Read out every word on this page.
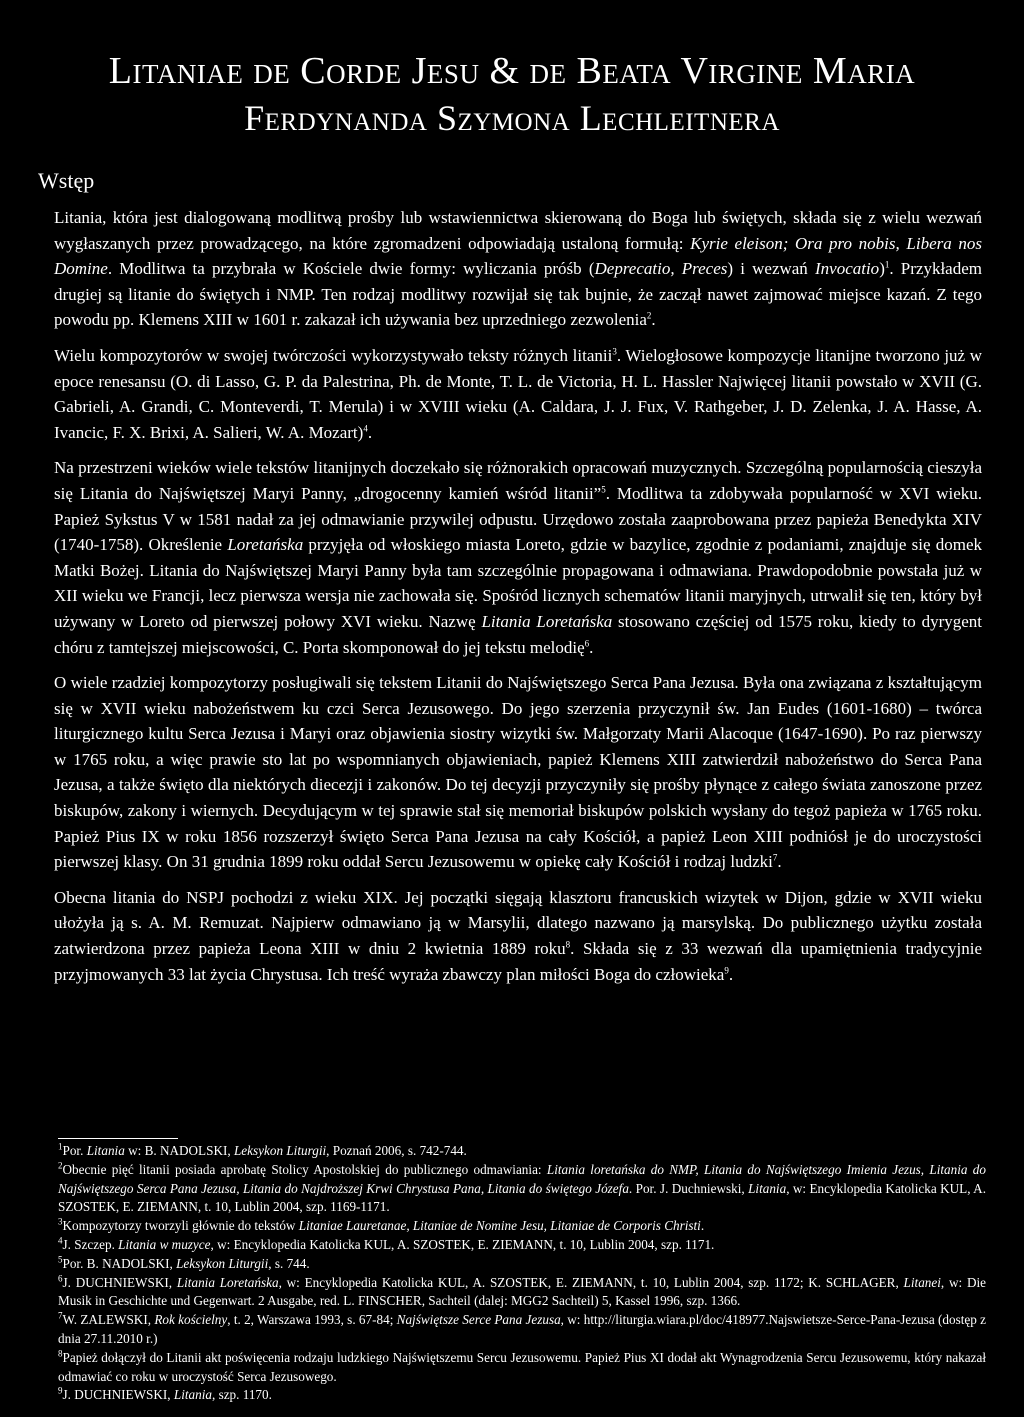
Litaniae de Corde Jesu & de Beata Virgine Maria
Ferdynanda Szymona Lechleitnera
Wstęp

Litania, która jest dialogowaną modlitwą prośby lub wstawiennictwa skierowaną do Boga lub świętych, składa się z wielu wezwań wygłaszanych przez prowadzącego, na które zgromadzeni odpowiadają ustaloną formułą: Kyrie eleison; Ora pro nobis, Libera nos Domine. Modlitwa ta przybrała w Kościele dwie formy: wyliczania próśb (Deprecatio, Preces) i wezwań Invocatio)$^1$. Przykładem drugiej są litanie do świętych i NMP. Ten rodzaj modlitwy rozwijał się tak bujnie, że zaczął nawet zajmować miejsce kazań. Z tego powodu pp. Klemens XIII w 1601 r. zakazał ich używania bez uprzedniego zezwolenia$^2$.

Wielu kompozytorów w swojej twórczości wykorzystywało teksty różnych litanii$^3$. Wielogłosowe kompozycje litanijne tworzono już w epoce renesansu (O. di Lasso, G. P. da Palestrina, Ph. de Monte, T. L. de Victoria, H. L. Hassler Najwięcej litanii powstało w XVII (G. Gabrieli, A. Grandi, C. Monteverdi, T. Merula) i w XVIII wieku (A. Caldara, J. J. Fux, V. Rathgeber, J. D. Zelenka, J. A. Hasse, A. Ivancic, F. X. Brixi, A. Salieri, W. A. Mozart)$^4$.

Na przestrzeni wieków wiele tekstów litanijnych doczekało się różnorakich opracowań muzycznych. Szczególną popularnością cieszyła się Litania do Najświętszej Maryi Panny, „drogocenny kamień wśród litanii”$^5$. Modlitwa ta zdobywała popularność w XVI wieku. Papież Sykstus V w 1581 nadał za jej odmawianie przywilej odpustu. Urzędowo została zaaprobowana przez papieża Benedykta XIV (1740-1758). Określenie Loretańska przyjęła od włoskiego miasta Loreto, gdzie w bazylice, zgodnie z podaniami, znajduje się domek Matki Bożej. Litania do Najświętszej Maryi Panny była tam szczególnie propagowana i odmawiana. Prawdopodobnie powstała już w XII wieku we Francji, lecz pierwsza wersja nie zachowała się. Spośród licznych schematów litanii maryjnych, utrwalił się ten, który był używany w Loreto od pierwszej połowy XVI wieku. Nazwę Litania Loretańska stosowano częściej od 1575 roku, kiedy to dyrygent chóru z tamtejszej miejscowości, C. Porta skomponował do jej tekstu melodię$^6$.

O wiele rzadziej kompozytorzy posługiwali się tekstem Litanii do Najświętszego Serca Pana Jezusa. Była ona związana z kształtującym się w XVII wieku nabożeństwem ku czci Serca Jezusowego. Do jego szerzenia przyczynił św. Jan Eudes (1601-1680) – twórca liturgicznego kultu Serca Jezusa i Maryi oraz objawienia siostry wizytki św. Małgorzaty Marii Alacoque (1647-1690). Po raz pierwszy w 1765 roku, a więc prawie sto lat po wspomnianych objawieniach, papież Klemens XIII zatwierdził nabożeństwo do Serca Pana Jezusa, a także święto dla niektórych diecezji i zakonów. Do tej decyzji przyczyniły się prośby płynące z całego świata zanoszone przez biskupów, zakony i wiernych. Decydującym w tej sprawie stał się memoriał biskupów polskich wysłany do tegoż papieża w 1765 roku. Papież Pius IX w roku 1856 rozszerzył święto Serca Pana Jezusa na cały Kościół, a papież Leon XIII podniósł je do uroczystości pierwszej klasy. On 31 grudnia 1899 roku oddał Sercu Jezusowemu w opiekę cały Kościół i rodzaj ludzki$^7$.

Obecna litania do NSPJ pochodzi z wieku XIX. Jej początki sięgają klasztoru francuskich wizytek w Dijon, gdzie w XVII wieku ułożyła ją s. A. M. Remuzat. Najpierw odmawiano ją w Marsylii, dlatego nazwano ją marsylską. Do publicznego użytku została zatwierdzona przez papieża Leona XIII w dniu 2 kwietnia 1889 roku$^8$. Składa się z 33 wezwań dla upamiętnienia tradycyjnie przyjmowanych 33 lat życia Chrystusa. Ich treść wyraża zbawczy plan miłości Boga do człowieka$^9$.

$^1$Por. Litania w: B. NADOLSKI, Leksykon Liturgii, Poznań 2006, s. 742-744.

$^2$Obecnie pięć litanii posiada aprobatę Stolicy Apostolskiej do publicznego odmawiania: Litania loretańska do NMP, Litania do Najświętszego Imienia Jezus, Litania do Najświętszego Serca Pana Jezusa, Litania do Najdroższej Krwi Chrystusa Pana, Litania do świętego Józefa. Por. J. Duchniewski, Litania, w: Encyklopedia Katolicka KUL, A. SZOSTEK, E. ZIEMANN, t. 10, Lublin 2004, szp. 1169-1171.

$^3$Kompozytorzy tworzyli głównie do tekstów Litaniae Lauretanae, Litaniae de Nomine Jesu, Litaniae de Corporis Christi.

$^4$J. Szczep. Litania w muzyce, w: Encyklopedia Katolicka KUL, A. SZOSTEK, E. ZIEMANN, t. 10, Lublin 2004, szp. 1171.

$^5$Por. B. NADOLSKI, Leksykon Liturgii, s. 744.

$^6$J. DUCHNIEWSKI, Litania Loretańska, w: Encyklopedia Katolicka KUL, A. SZOSTEK, E. ZIEMANN, t. 10, Lublin 2004, szp. 1172; K. SCHLAGER, Litanei, w: Die Musik in Geschichte und Gegenwart. 2 Ausgabe, red. L. FINSCHER, Sachteil (dalej: MGG2 Sachteil) 5, Kassel 1996, szp. 1366.

$^7$W. ZALEWSKI, Rok kościelny, t. 2, Warszawa 1993, s. 67-84; Najświętsze Serce Pana Jezusa, w: http://liturgia.wiara.pl/doc/418977.Najswietsze-Serce-Pana-Jezusa (dostęp z dnia 27.11.2010 r.)

$^8$Papież dołączył do Litanii akt poświęcenia rodzaju ludzkiego Najświętszemu Sercu Jezusowemu. Papież Pius XI dodał akt Wynagrodzenia Sercu Jezusowemu, który nakazał odmawiać co roku w uroczystość Serca Jezusowego.

$^9$J. DUCHNIEWSKI, Litania, szp. 1170.
